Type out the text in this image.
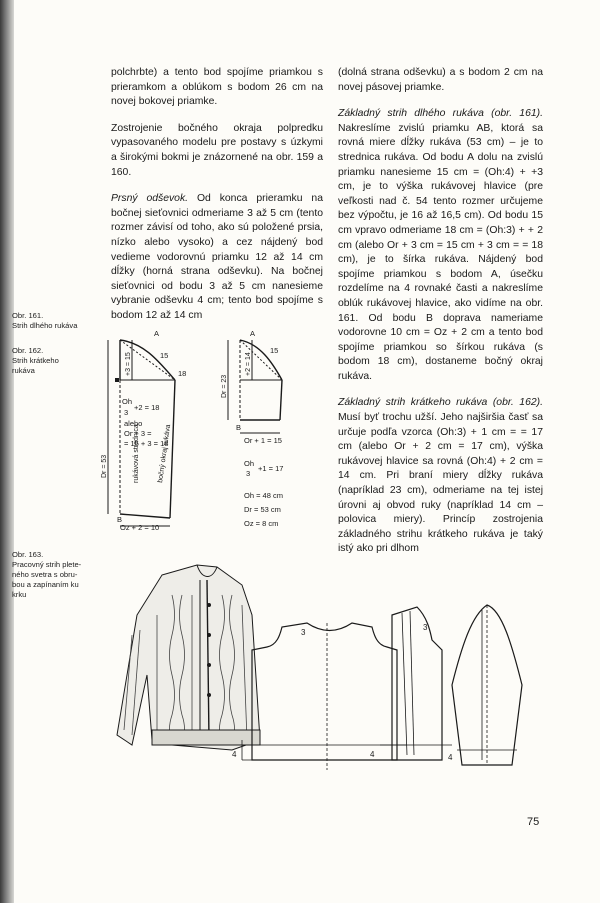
polchrbte) a tento bod spojíme priamkou s prieramkom a oblúkom s bodom 26 cm na novej bokovej priamke.

Zostrojenie bočného okraja polpredku vypasovaného modelu pre postavy s úzkymi a širokými bokmi je znázornené na obr. 159 a 160.

Prsný odševok. Od konca prieramku na bočnej sieťovnici odmeriame 3 až 5 cm (tento rozmer závisí od toho, ako sú položené prsia, nízko alebo vysoko) a cez nájdený bod vedieme vodorovnú priamku 12 až 14 cm dĺžky (horná strana odševku). Na bočnej sieťovnici od bodu 3 až 5 cm nanesieme vybranie odševku 4 cm; tento bod spojíme s bodom 12 až 14 cm

(dolná strana odševku) a s bodom 2 cm na novej pásovej priamke.

Základný strih dlhého rukáva (obr. 161). Nakreslíme zvislú priamku AB, ktorá sa rovná miere dĺžky rukáva (53 cm) – je to strednica rukáva. Od bodu A dolu na zvislú priamku nanesieme 15 cm = (Oh:4) + +3 cm, je to výška rukávovej hlavice (pre veľkosti nad č. 54 tento rozmer určujeme bez výpočtu, je 16 až 16,5 cm). Od bodu 15 cm vpravo odmeriame 18 cm = (Oh:3) + + 2 cm (alebo Or + 3 cm = 15 cm + 3 cm = = 18 cm), je to šírka rukáva. Nájdený bod spojíme priamkou s bodom A, úsečku rozdelíme na 4 rovnaké časti a nakreslíme oblúk rukávovej hlavice, ako vidíme na obr. 161. Od bodu B doprava nameriame vodorovne 10 cm = Oz + 2 cm a tento bod spojíme priamkou so šírkou rukáva (s bodom 18 cm), dostaneme bočný okraj rukáva.

Základný strih krátkeho rukáva (obr. 162). Musí byť trochu užší. Jeho najširšia časť sa určuje podľa vzorca (Oh:3) + 1 cm = = 17 cm (alebo Or + 2 cm = 17 cm), výška rukávovej hlavice sa rovná (Oh:4) + 2 cm = 14 cm. Pri braní miery dĺžky rukáva (napríklad 23 cm), odmeriame na tej istej úrovni aj obvod ruky (napríklad 14 cm – polovica miery). Princíp zostrojenia základného strihu krátkeho rukáva je taký istý ako pri dlhom

Obr. 161.
Strih dlhého rukáva
Obr. 162.
Strih krátkeho
rukáva
Obr. 163.
Pracovný strih plete-
ného svetra s obru-
bou a zapínaním ku
krku
A
B
15
18
Oh
3
+2 = 18
alebo
Or + 3 =
= 15 + 3 = 18
Oz + 2 = 10
A
B
15
Or + 1 = 15
Oh
3
+1 = 17
Oh = 48 cm
Dr = 53 cm
Oz = 8 cm
Dr = 53	rukávová strednica bočný okraj rukáva
+3 = 15
Dr = 23
+2 = 14
3
3
4	4	4
75
